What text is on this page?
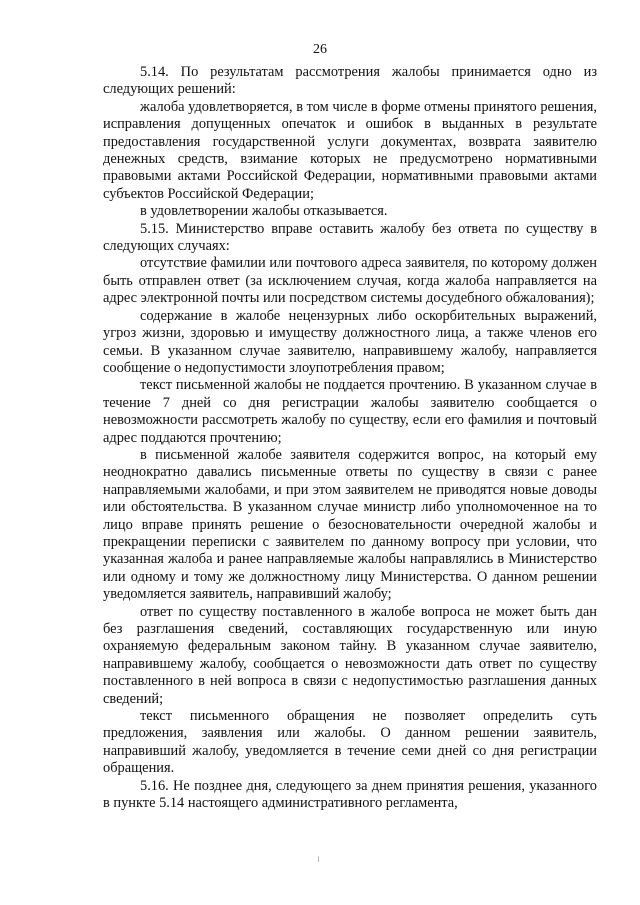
26

5.14. По результатам рассмотрения жалобы принимается одно из следующих решений:

жалоба удовлетворяется, в том числе в форме отмены принятого решения, исправления допущенных опечаток и ошибок в выданных в результате предоставления государственной услуги документах, возврата заявителю денежных средств, взимание которых не предусмотрено нормативными правовыми актами Российской Федерации, нормативными правовыми актами субъектов Российской Федерации;

в удовлетворении жалобы отказывается.

5.15. Министерство вправе оставить жалобу без ответа по существу в следующих случаях:

отсутствие фамилии или почтового адреса заявителя, по которому должен быть отправлен ответ (за исключением случая, когда жалоба направляется на адрес электронной почты или посредством системы досудебного обжалования);

содержание в жалобе нецензурных либо оскорбительных выражений, угроз жизни, здоровью и имуществу должностного лица, а также членов его семьи. В указанном случае заявителю, направившему жалобу, направляется сообщение о недопустимости злоупотребления правом;

текст письменной жалобы не поддается прочтению. В указанном случае в течение 7 дней со дня регистрации жалобы заявителю сообщается о невозможности рассмотреть жалобу по существу, если его фамилия и почтовый адрес поддаются прочтению;

в письменной жалобе заявителя содержится вопрос, на который ему неоднократно давались письменные ответы по существу в связи с ранее направляемыми жалобами, и при этом заявителем не приводятся новые доводы или обстоятельства. В указанном случае министр либо уполномоченное на то лицо вправе принять решение о безосновательности очередной жалобы и прекращении переписки с заявителем по данному вопросу при условии, что указанная жалоба и ранее направляемые жалобы направлялись в Министерство или одному и тому же должностному лицу Министерства. О данном решении уведомляется заявитель, направивший жалобу;

ответ по существу поставленного в жалобе вопроса не может быть дан без разглашения сведений, составляющих государственную или иную охраняемую федеральным законом тайну. В указанном случае заявителю, направившему жалобу, сообщается о невозможности дать ответ по существу поставленного в ней вопроса в связи с недопустимостью разглашения данных сведений;

текст письменного обращения не позволяет определить суть предложения, заявления или жалобы. О данном решении заявитель, направивший жалобу, уведомляется в течение семи дней со дня регистрации обращения.

5.16. Не позднее дня, следующего за днем принятия решения, указанного в пункте 5.14 настоящего административного регламента,
